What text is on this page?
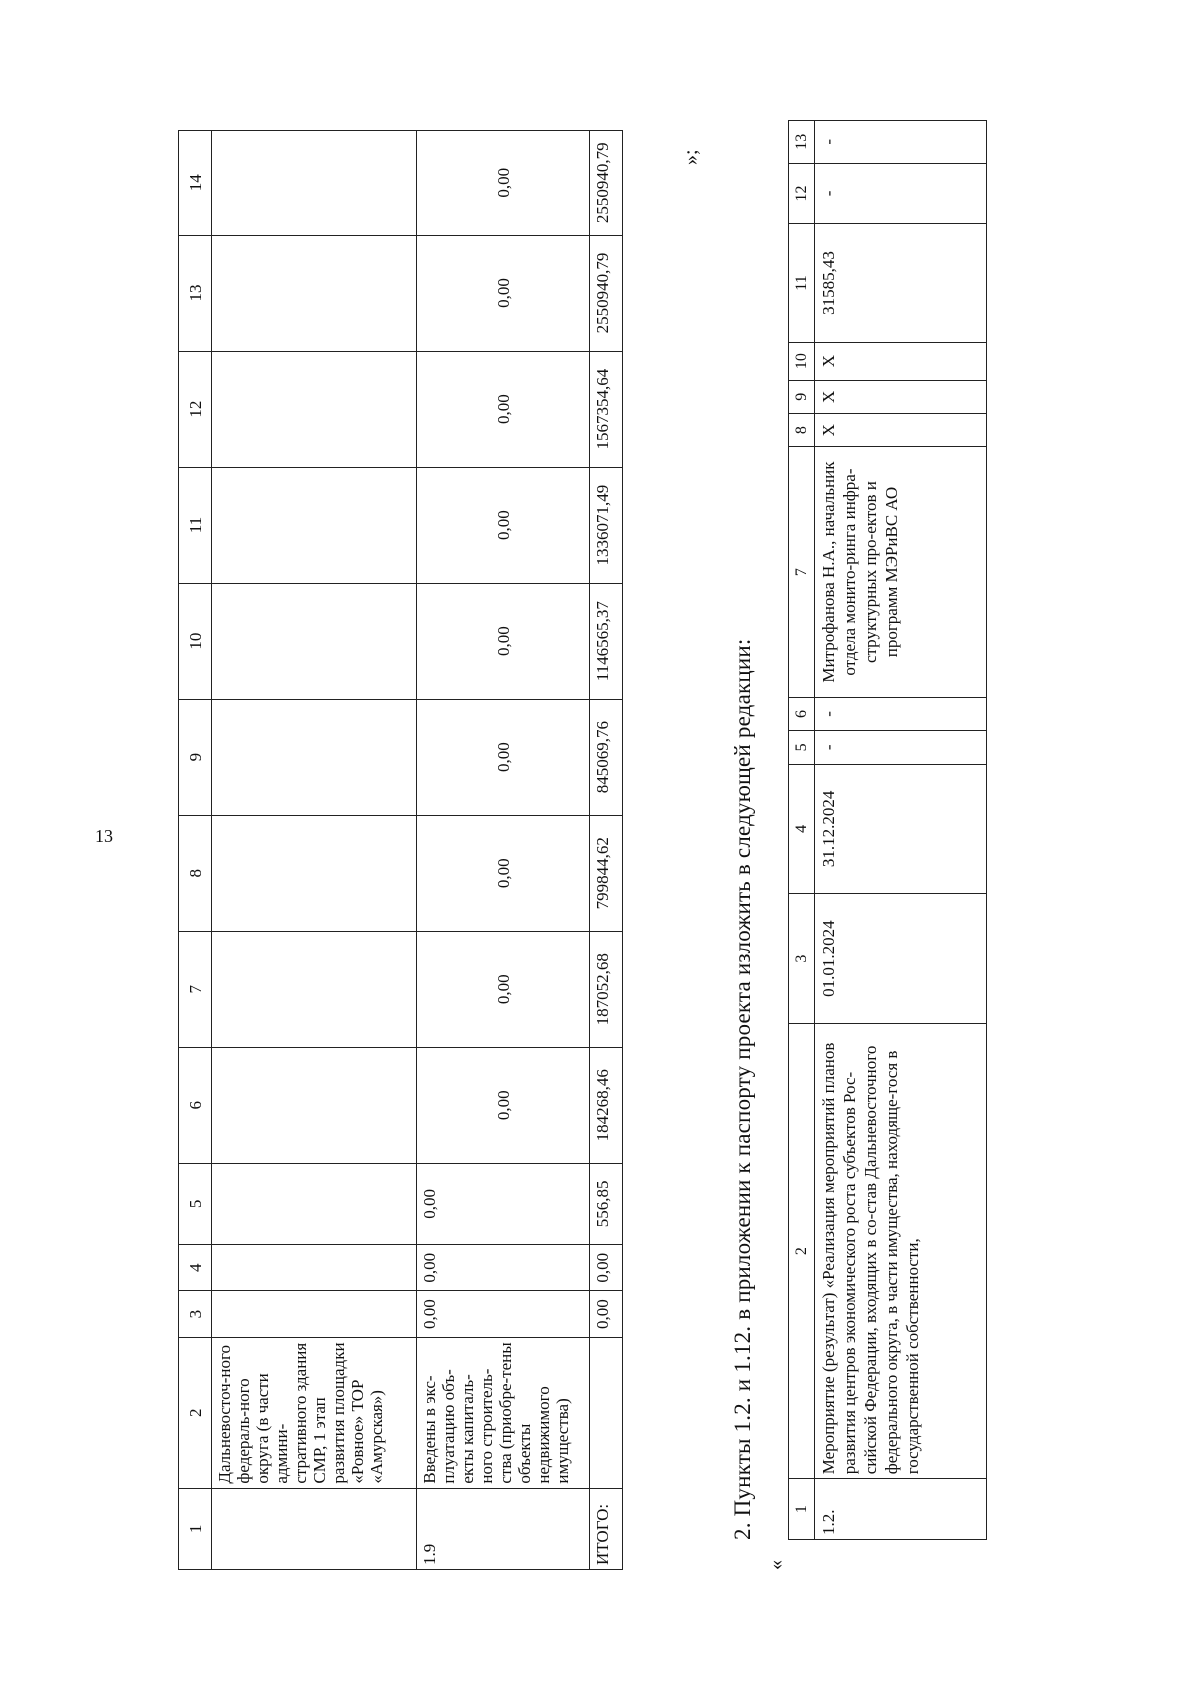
13
1	2	3	4	5	6	7	8	9	10	11	12	13	14
	Дальневосточ-ного федераль-ного округа (в части админи-стративного здания СМР, 1 этап развития площадки «Ровное» ТОР «Амурская»)												
1.9	Введены в экс-плуатацию объ-екты капиталь-ного строитель-ства (приобре-тены объекты недвижимого имущества)	0,00	0,00	0,00	0,00	0,00	0,00	0,00	0,00	0,00	0,00	0,00	0,00
ИТОГО:		0,00	0,00	556,85	184268,46	187052,68	799844,62	845069,76	1146565,37	1336071,49	1567354,64	2550940,79	2550940,79	»;
2. Пункты 1.2. и 1.12. в приложении к паспорту проекта изложить в следующей редакции:
«
1	2	3	4	5	6	7	8	9	10	11	12	13
1.2.	Мероприятие (результат) «Реализация мероприятий планов развития центров экономического роста субъектов Рос-сийской Федерации, входящих в со-став Дальневосточного федерального округа, в части имущества, находяще-гося в государственной собственности,	01.01.2024	31.12.2024	-	-	Митрофанова Н.А., начальник отдела монито-ринга инфра-структурных про-ектов и программ МЭРиВС АО	X	X	X	31585,43	-	-
